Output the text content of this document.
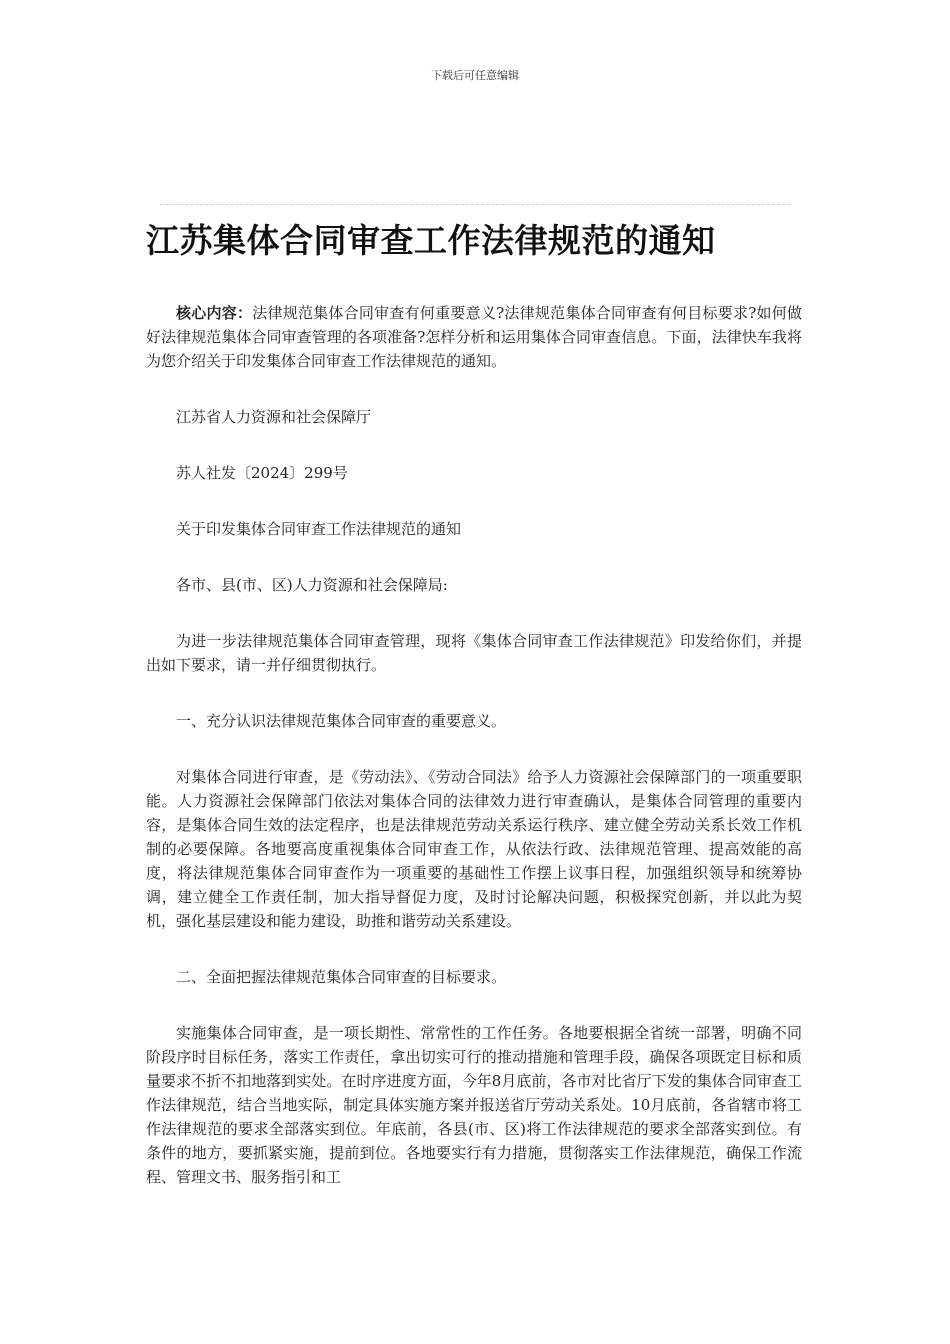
下载后可任意编辑
江苏集体合同审查工作法律规范的通知

核心内容：法律规范集体合同审查有何重要意义?法律规范集体合同审查有何目标要求?如何做好法律规范集体合同审查管理的各项准备?怎样分析和运用集体合同审查信息。下面，法律快车我将为您介绍关于印发集体合同审查工作法律规范的通知。

江苏省人力资源和社会保障厅

苏人社发〔2024〕299号

关于印发集体合同审查工作法律规范的通知

各市、县(市、区)人力资源和社会保障局:

为进一步法律规范集体合同审查管理，现将《集体合同审查工作法律规范》印发给你们，并提出如下要求，请一并仔细贯彻执行。

一、充分认识法律规范集体合同审查的重要意义。

对集体合同进行审查，是《劳动法》、《劳动合同法》给予人力资源社会保障部门的一项重要职能。人力资源社会保障部门依法对集体合同的法律效力进行审查确认，是集体合同管理的重要内容，是集体合同生效的法定程序，也是法律规范劳动关系运行秩序、建立健全劳动关系长效工作机制的必要保障。各地要高度重视集体合同审查工作，从依法行政、法律规范管理、提高效能的高度，将法律规范集体合同审查作为一项重要的基础性工作摆上议事日程，加强组织领导和统筹协调，建立健全工作责任制，加大指导督促力度，及时讨论解决问题，积极探究创新，并以此为契机，强化基层建设和能力建设，助推和谐劳动关系建设。

二、全面把握法律规范集体合同审查的目标要求。

实施集体合同审查，是一项长期性、常常性的工作任务。各地要根据全省统一部署，明确不同阶段序时目标任务，落实工作责任，拿出切实可行的推动措施和管理手段，确保各项既定目标和质量要求不折不扣地落到实处。在时序进度方面，今年8月底前，各市对比省厅下发的集体合同审查工作法律规范，结合当地实际，制定具体实施方案并报送省厅劳动关系处。10月底前，各省辖市将工作法律规范的要求全部落实到位。年底前，各县(市、区)将工作法律规范的要求全部落实到位。有条件的地方，要抓紧实施，提前到位。各地要实行有力措施，贯彻落实工作法律规范，确保工作流程、管理文书、服务指引和工
